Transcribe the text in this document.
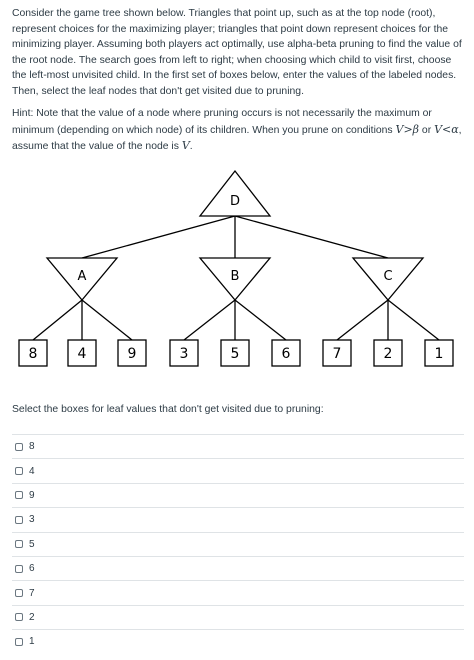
Consider the game tree shown below. Triangles that point up, such as at the top node (root), represent choices for the maximizing player; triangles that point down represent choices for the minimizing player. Assuming both players act optimally, use alpha-beta pruning to find the value of the root node. The search goes from left to right; when choosing which child to visit first, choose the left-most unvisited child. In the first set of boxes below, enter the values of the labeled nodes. Then, select the leaf nodes that don't get visited due to pruning.

Hint: Note that the value of a node where pruning occurs is not necessarily the maximum or minimum (depending on which node) of its children. When you prune on conditions V>β or V<α, assume that the value of the node is V.

D
A	B	C
8	4	9	3	5	6	7	2	1

Select the boxes for leaf values that don't get visited due to pruning:

8
4
9
3
5
6
7
2
1
